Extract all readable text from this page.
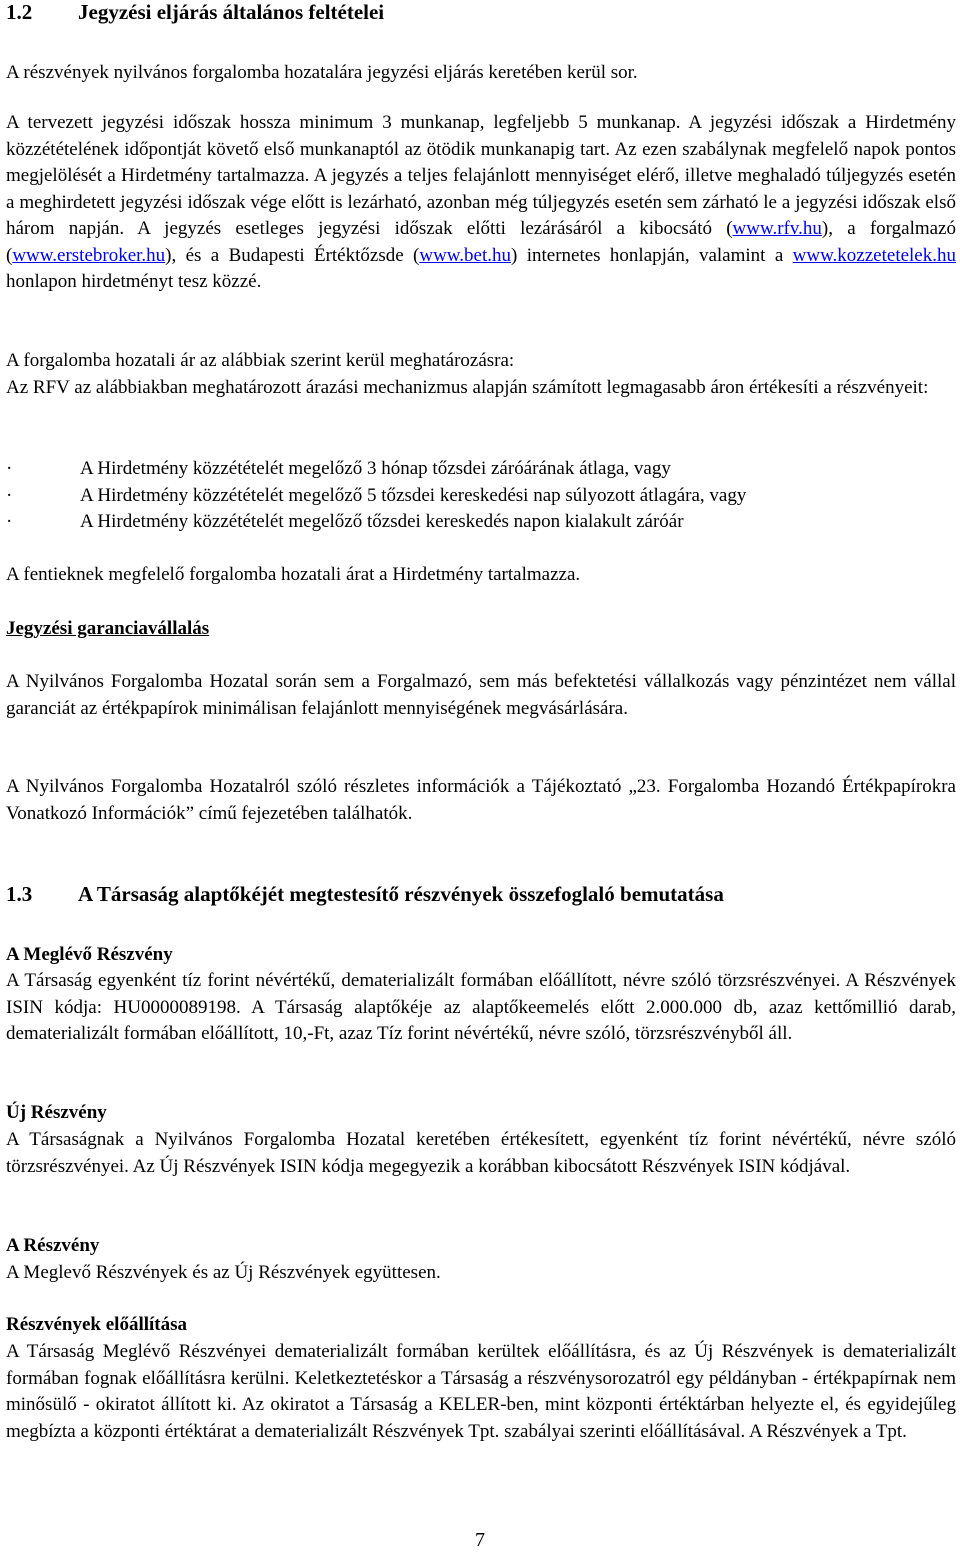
1.2 Jegyzési eljárás általános feltételei

A részvények nyilvános forgalomba hozatalára jegyzési eljárás keretében kerül sor.

A tervezett jegyzési időszak hossza minimum 3 munkanap, legfeljebb 5 munkanap. A jegyzési időszak a Hirdetmény közzétételének időpontját követő első munkanaptól az ötödik munkanapig tart. Az ezen szabálynak megfelelő napok pontos megjelölését a Hirdetmény tartalmazza. A jegyzés a teljes felajánlott mennyiséget elérő, illetve meghaladó túljegyzés esetén a meghirdetett jegyzési időszak vége előtt is lezárható, azonban még túljegyzés esetén sem zárható le a jegyzési időszak első három napján. A jegyzés esetleges jegyzési időszak előtti lezárásáról a kibocsátó (www.rfv.hu), a forgalmazó (www.erstebroker.hu), és a Budapesti Értéktőzsde (www.bet.hu) internetes honlapján, valamint a www.kozzetetelek.hu honlapon hirdetményt tesz közzé.

A forgalomba hozatali ár az alábbiak szerint kerül meghatározásra:

Az RFV az alábbiakban meghatározott árazási mechanizmus alapján számított legmagasabb áron értékesíti a részvényeit:

·	A Hirdetmény közzétételét megelőző 3 hónap tőzsdei záróárának átlaga, vagy
·	A Hirdetmény közzétételét megelőző 5 tőzsdei kereskedési nap súlyozott átlagára, vagy
·	A Hirdetmény közzétételét megelőző tőzsdei kereskedés napon kialakult záróár

A fentieknek megfelelő forgalomba hozatali árat a Hirdetmény tartalmazza.

Jegyzési garanciavállalás

A Nyilvános Forgalomba Hozatal során sem a Forgalmazó, sem más befektetési vállalkozás vagy pénzintézet nem vállal garanciát az értékpapírok minimálisan felajánlott mennyiségének megvásárlására.

A Nyilvános Forgalomba Hozatalról szóló részletes információk a Tájékoztató „23. Forgalomba Hozandó Értékpapírokra Vonatkozó Információk” című fejezetében találhatók.

1.3 A Társaság alaptőkéjét megtestesítő részvények összefoglaló bemutatása

A Meglévő Részvény

A Társaság egyenként tíz forint névértékű, dematerializált formában előállított, névre szóló törzsrészvényei. A Részvények ISIN kódja: HU0000089198. A Társaság alaptőkéje az alaptőkeemelés előtt 2.000.000 db, azaz kettőmillió darab, dematerializált formában előállított, 10,-Ft, azaz Tíz forint névértékű, névre szóló, törzsrészvényből áll.

Új Részvény

A Társaságnak a Nyilvános Forgalomba Hozatal keretében értékesített, egyenként tíz forint névértékű, névre szóló törzsrészvényei. Az Új Részvények ISIN kódja megegyezik a korábban kibocsátott Részvények ISIN kódjával.

A Részvény

A Meglevő Részvények és az Új Részvények együttesen.

Részvények előállítása

A Társaság Meglévő Részvényei dematerializált formában kerültek előállításra, és az Új Részvények is dematerializált formában fognak előállításra kerülni. Keletkeztetéskor a Társaság a részvénysorozatról egy példányban - értékpapírnak nem minősülő - okiratot állított ki. Az okiratot a Társaság a KELER-ben, mint központi értéktárban helyezte el, és egyidejűleg megbízta a központi értéktárat a dematerializált Részvények Tpt. szabályai szerinti előállításával. A Részvények a Tpt.

7
